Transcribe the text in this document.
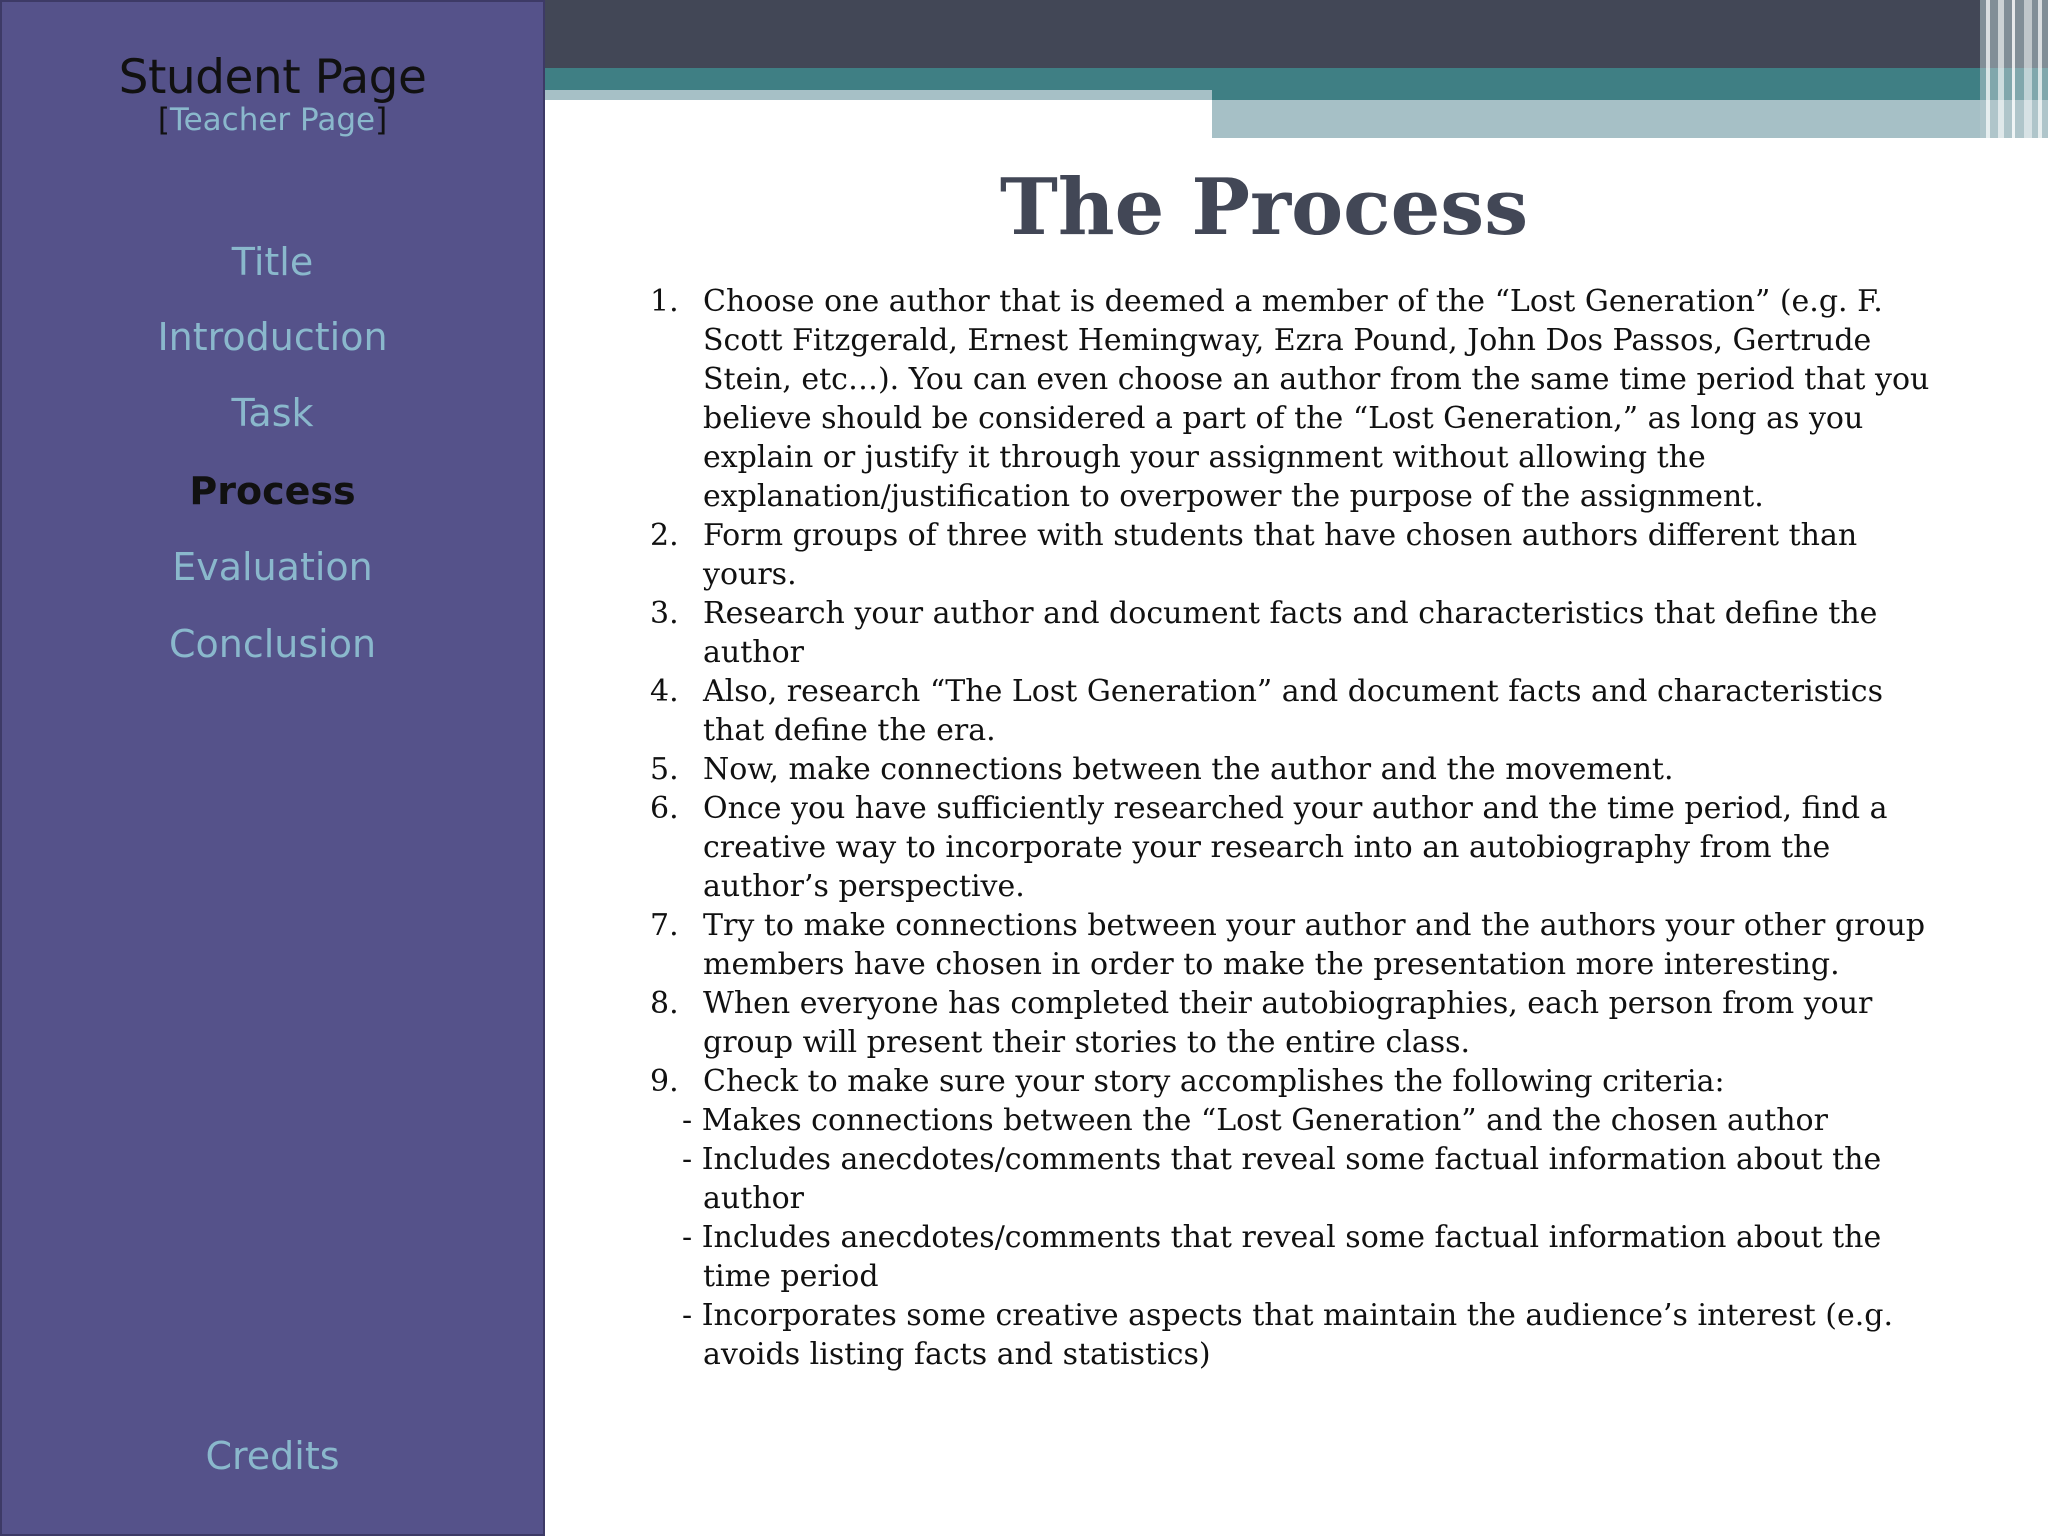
Student Page
[Teacher Page]
Title
Introduction
Task
Process
Evaluation
Conclusion
Credits
The Process
1. Choose one author that is deemed a member of the “Lost Generation” (e.g. F. Scott Fitzgerald, Ernest Hemingway, Ezra Pound, John Dos Passos, Gertrude Stein, etc…). You can even choose an author from the same time period that you believe should be considered a part of the “Lost Generation,” as long as you explain or justify it through your assignment without allowing the explanation/justification to overpower the purpose of the assignment.
2. Form groups of three with students that have chosen authors different than yours.
3. Research your author and document facts and characteristics that define the author
4. Also, research “The Lost Generation” and document facts and characteristics that define the era.
5. Now, make connections between the author and the movement.
6. Once you have sufficiently researched your author and the time period, find a creative way to incorporate your research into an autobiography from the author’s perspective.
7. Try to make connections between your author and the authors your other group members have chosen in order to make the presentation more interesting.
8. When everyone has completed their autobiographies, each person from your group will present their stories to the entire class.
9. Check to make sure your story accomplishes the following criteria:
- Makes connections between the “Lost Generation” and the chosen author
- Includes anecdotes/comments that reveal some factual information about the author
- Includes anecdotes/comments that reveal some factual information about the time period
- Incorporates some creative aspects that maintain the audience’s interest (e.g. avoids listing facts and statistics)
